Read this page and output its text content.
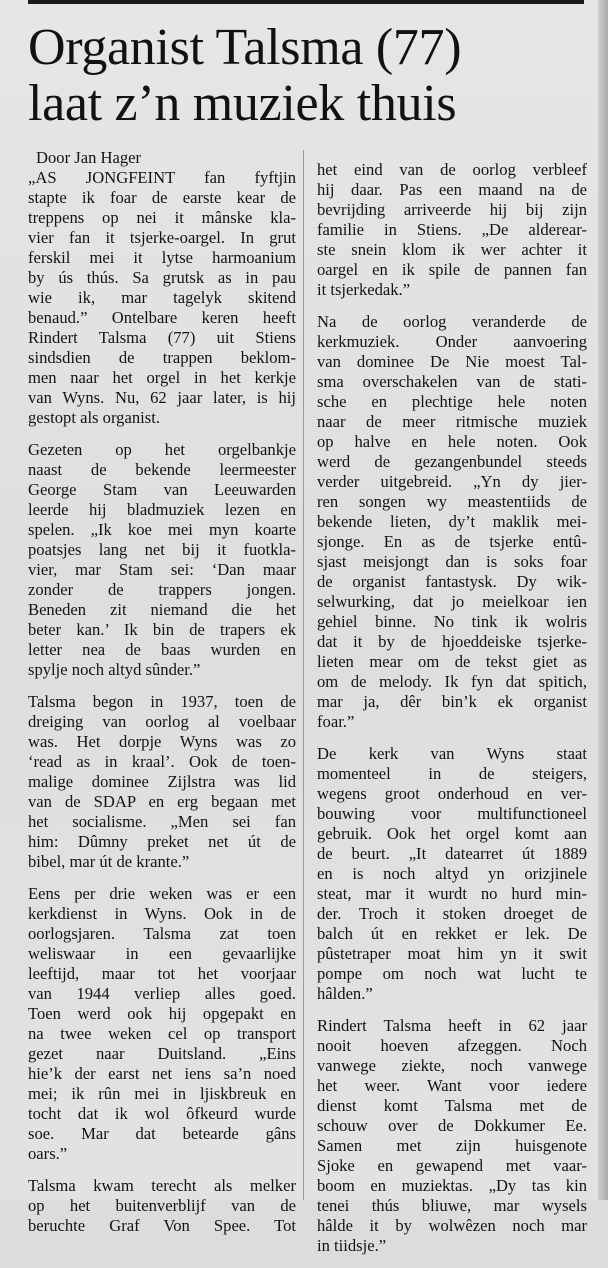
Organist Talsma (77)
laat z’n muziek thuis

Door Jan Hager

„AS JONGFEINT fan fyftjin
stapte ik foar de earste kear de
treppens op nei it mânske kla-
vier fan it tsjerke-oargel. In grut
ferskil mei it lytse harmoanium
by ús thús. Sa grutsk as in pau
wie ik, mar tagelyk skitend
benaud.” Ontelbare keren heeft
Rindert Talsma (77) uit Stiens
sindsdien de trappen beklom-
men naar het orgel in het kerkje
van Wyns. Nu, 62 jaar later, is hij
gestopt als organist.

Gezeten op het orgelbankje
naast de bekende leermeester
George Stam van Leeuwarden
leerde hij bladmuziek lezen en
spelen. „Ik koe mei myn koarte
poatsjes lang net bij it fuotkla-
vier, mar Stam sei: ‘Dan maar
zonder de trappers jongen.
Beneden zit niemand die het
beter kan.’ Ik bin de trapers ek
letter nea de baas wurden en
spylje noch altyd sûnder.”

Talsma begon in 1937, toen de
dreiging van oorlog al voelbaar
was. Het dorpje Wyns was zo
‘read as in kraal’. Ook de toen-
malige dominee Zijlstra was lid
van de SDAP en erg begaan met
het socialisme. „Men sei fan
him: Dûmny preket net út de
bibel, mar út de krante.”

Eens per drie weken was er een
kerkdienst in Wyns. Ook in de
oorlogsjaren. Talsma zat toen
weliswaar in een gevaarlijke
leeftijd, maar tot het voorjaar
van 1944 verliep alles goed.
Toen werd ook hij opgepakt en
na twee weken cel op transport
gezet naar Duitsland. „Eins
hie’k der earst net iens sa’n noed
mei; ik rûn mei in ljiskbreuk en
tocht dat ik wol ôfkeurd wurde
soe. Mar dat betearde gâns
oars.”

Talsma kwam terecht als melker
op het buitenverblijf van de
beruchte Graf Von Spee. Tot

het eind van de oorlog verbleef
hij daar. Pas een maand na de
bevrijding arriveerde hij bij zijn
familie in Stiens. „De alderear-
ste snein klom ik wer achter it
oargel en ik spile de pannen fan
it tsjerkedak.”

Na de oorlog veranderde de
kerkmuziek. Onder aanvoering
van dominee De Nie moest Tal-
sma overschakelen van de stati-
sche en plechtige hele noten
naar de meer ritmische muziek
op halve en hele noten. Ook
werd de gezangenbundel steeds
verder uitgebreid. „Yn dy jier-
ren songen wy meastentiids de
bekende lieten, dy’t maklik mei-
sjonge. En as de tsjerke entû-
sjast meisjongt dan is soks foar
de organist fantastysk. Dy wik-
selwurking, dat jo meielkoar ien
gehiel binne. No tink ik wolris
dat it by de hjoeddeiske tsjerke-
lieten mear om de tekst giet as
om de melody. Ik fyn dat spitich,
mar ja, dêr bin’k ek organist
foar.”

De kerk van Wyns staat
momenteel in de steigers,
wegens groot onderhoud en ver-
bouwing voor multifunctioneel
gebruik. Ook het orgel komt aan
de beurt. „It datearret út 1889
en is noch altyd yn orizjinele
steat, mar it wurdt no hurd min-
der. Troch it stoken droeget de
balch út en rekket er lek. De
pûstetraper moat him yn it swit
pompe om noch wat lucht te
hâlden.”

Rindert Talsma heeft in 62 jaar
nooit hoeven afzeggen. Noch
vanwege ziekte, noch vanwege
het weer. Want voor iedere
dienst komt Talsma met de
schouw over de Dokkumer Ee.
Samen met zijn huisgenote
Sjoke en gewapend met vaar-
boom en muziektas. „Dy tas kin
tenei thús bliuwe, mar wysels
hâlde it by wolwêzen noch mar
in tiidsje.”
